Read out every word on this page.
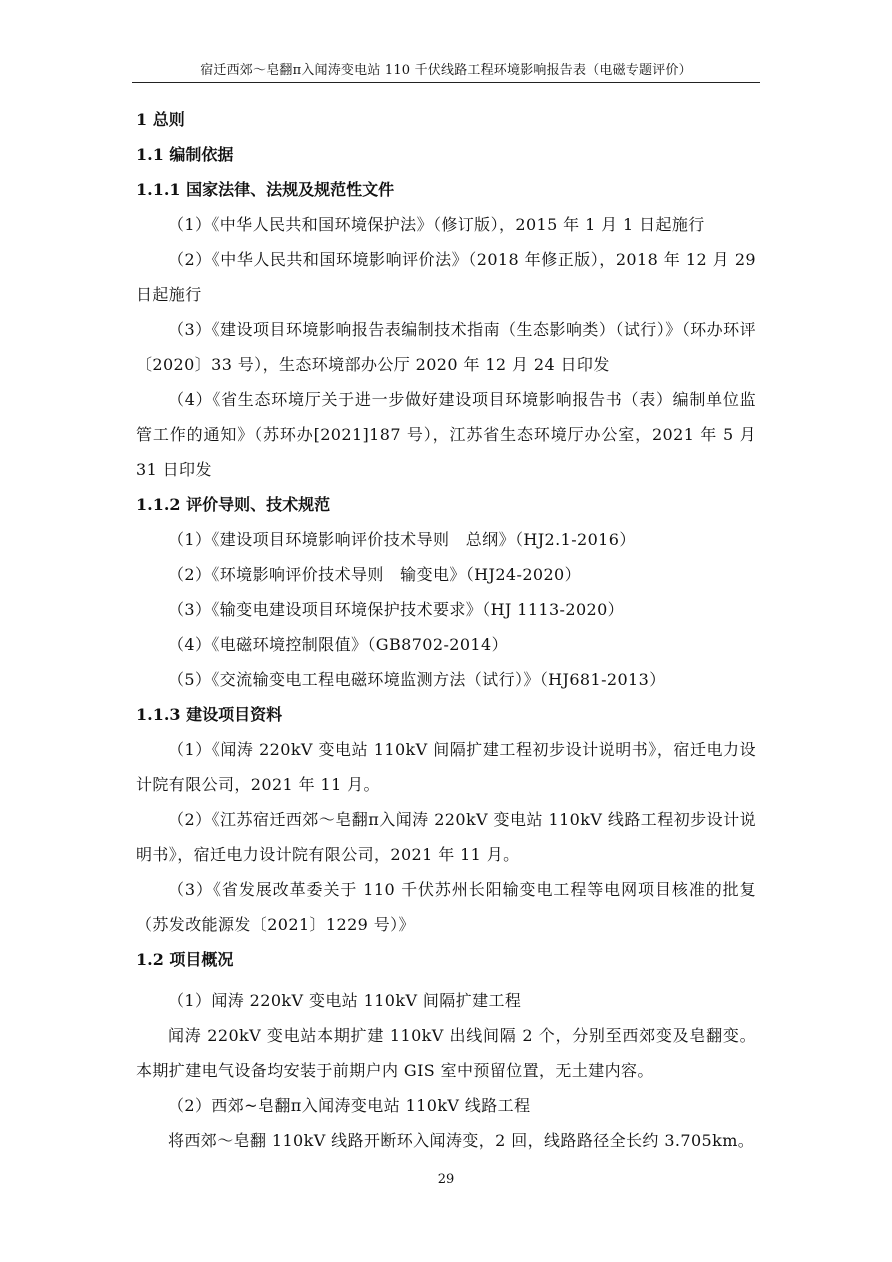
宿迁西郊～皂翻π入闻涛变电站 110 千伏线路工程环境影响报告表（电磁专题评价）

1 总则

1.1 编制依据

1.1.1 国家法律、法规及规范性文件

（1）《中华人民共和国环境保护法》（修订版），2015 年 1 月 1 日起施行

（2）《中华人民共和国环境影响评价法》（2018 年修正版），2018 年 12 月 29 日起施行

（3）《建设项目环境影响报告表编制技术指南（生态影响类）（试行）》（环办环评〔2020〕33 号），生态环境部办公厅 2020 年 12 月 24 日印发

（4）《省生态环境厅关于进一步做好建设项目环境影响报告书（表）编制单位监管工作的通知》（苏环办[2021]187 号），江苏省生态环境厅办公室，2021 年 5 月 31 日印发

1.1.2 评价导则、技术规范

（1）《建设项目环境影响评价技术导则　总纲》（HJ2.1-2016）

（2）《环境影响评价技术导则　输变电》（HJ24-2020）

（3）《输变电建设项目环境保护技术要求》（HJ 1113-2020）

（4）《电磁环境控制限值》（GB8702-2014）

（5）《交流输变电工程电磁环境监测方法（试行）》（HJ681-2013）

1.1.3 建设项目资料

（1）《闻涛 220kV 变电站 110kV 间隔扩建工程初步设计说明书》，宿迁电力设计院有限公司，2021 年 11 月。

（2）《江苏宿迁西郊～皂翻π入闻涛 220kV 变电站 110kV 线路工程初步设计说明书》，宿迁电力设计院有限公司，2021 年 11 月。

（3）《省发展改革委关于 110 千伏苏州长阳输变电工程等电网项目核准的批复（苏发改能源发〔2021〕1229 号）》

1.2 项目概况

（1）闻涛 220kV 变电站 110kV 间隔扩建工程

闻涛 220kV 变电站本期扩建 110kV 出线间隔 2 个，分别至西郊变及皂翻变。本期扩建电气设备均安装于前期户内 GIS 室中预留位置，无土建内容。

（2）西郊~皂翻π入闻涛变电站 110kV 线路工程

将西郊～皂翻 110kV 线路开断环入闻涛变，2 回，线路路径全长约 3.705km。

29
